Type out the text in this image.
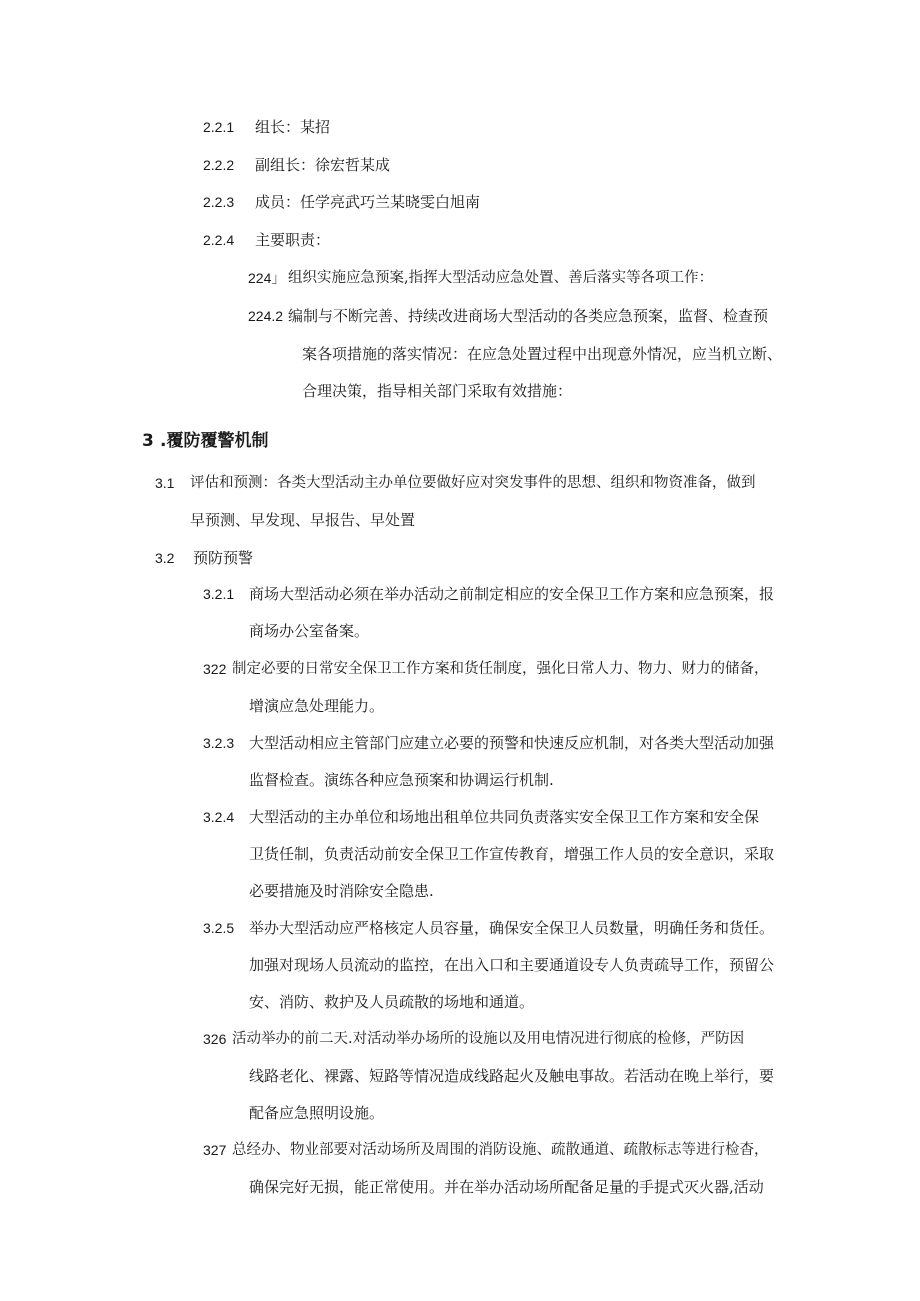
2.2.1 组长：某招
2.2.2 副组长：徐宏哲某成
2.2.3 成员：任学亮武巧兰某晓雯白旭南
2.2.4 主要职责：
224」 组织实施应急预案,指挥大型活动应急处置、善后落实等各项工作：
224.2 编制与不断完善、持续改进商场大型活动的各类应急预案，监督、检查预
案各项措施的落实情况：在应急处置过程中出现意外情况，应当机立断、
合理决策，指导相关部门采取有效措施：
3 .覆防覆警机制
3.1 评估和预测：各类大型活动主办单位要做好应对突发事件的思想、组织和物资准备，做到
早预测、早发现、早报告、早处置
3.2 预防预警
3.2.1 商场大型活动必须在举办活动之前制定相应的安全保卫工作方案和应急预案，报
商场办公室备案。
322 制定必要的日常安全保卫工作方案和货任制度，强化日常人力、物力、财力的储备，
增演应急处理能力。
3.2.3 大型活动相应主管部门应建立必要的预警和快速反应机制，对各类大型活动加强
监督检查。演练各种应急预案和协调运行机制.
3.2.4 大型活动的主办单位和场地出租单位共同负责落实安全保卫工作方案和安全保
卫货任制，负责活动前安全保卫工作宣传教育，增强工作人员的安全意识，采取
必要措施及时消除安全隐患.
3.2.5 举办大型活动应严格核定人员容量，确保安全保卫人员数量，明确任务和货任。
加强对现场人员流动的监控，在出入口和主要通道设专人负责疏导工作，预留公
安、消防、救护及人员疏散的场地和通道。
326 活动举办的前二天.对活动举办场所的设施以及用电情况进行彻底的检修，严防因
线路老化、裸露、短路等情况造成线路起火及触电事故。若活动在晚上举行，要
配备应急照明设施。
327 总经办、物业部要对活动场所及周围的消防设施、疏散通道、疏散标志等进行检杳，
确保完好无损，能正常使用。并在举办活动场所配备足量的手提式灭火器,活动
